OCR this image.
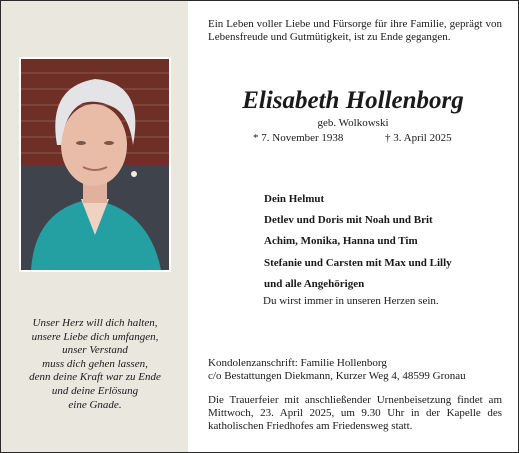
Unser Herz will dich halten,
unsere Liebe dich umfangen,
unser Verstand
muss dich gehen lassen,
denn deine Kraft war zu Ende
und deine Erlösung
eine Gnade.
Ein Leben voller Liebe und Fürsorge für ihre Familie, geprägt von Lebensfreude und Gutmütigkeit, ist zu Ende gegangen.
Elisabeth Hollenborg
geb. Wolkowski
* 7. November 1938	† 3. April 2025
Dein Helmut
Detlev und Doris mit Noah und Brit
Achim, Monika, Hanna und Tim
Stefanie und Carsten mit Max und Lilly
und alle Angehörigen
Du wirst immer in unseren Herzen sein.
Kondolenzanschrift: Familie Hollenborg
c/o Bestattungen Diekmann, Kurzer Weg 4, 48599 Gronau
Die Trauerfeier mit anschließender Urnenbeisetzung findet am Mittwoch, 23. April 2025, um 9.30 Uhr in der Kapelle des katholischen Friedhofes am Friedensweg statt.
